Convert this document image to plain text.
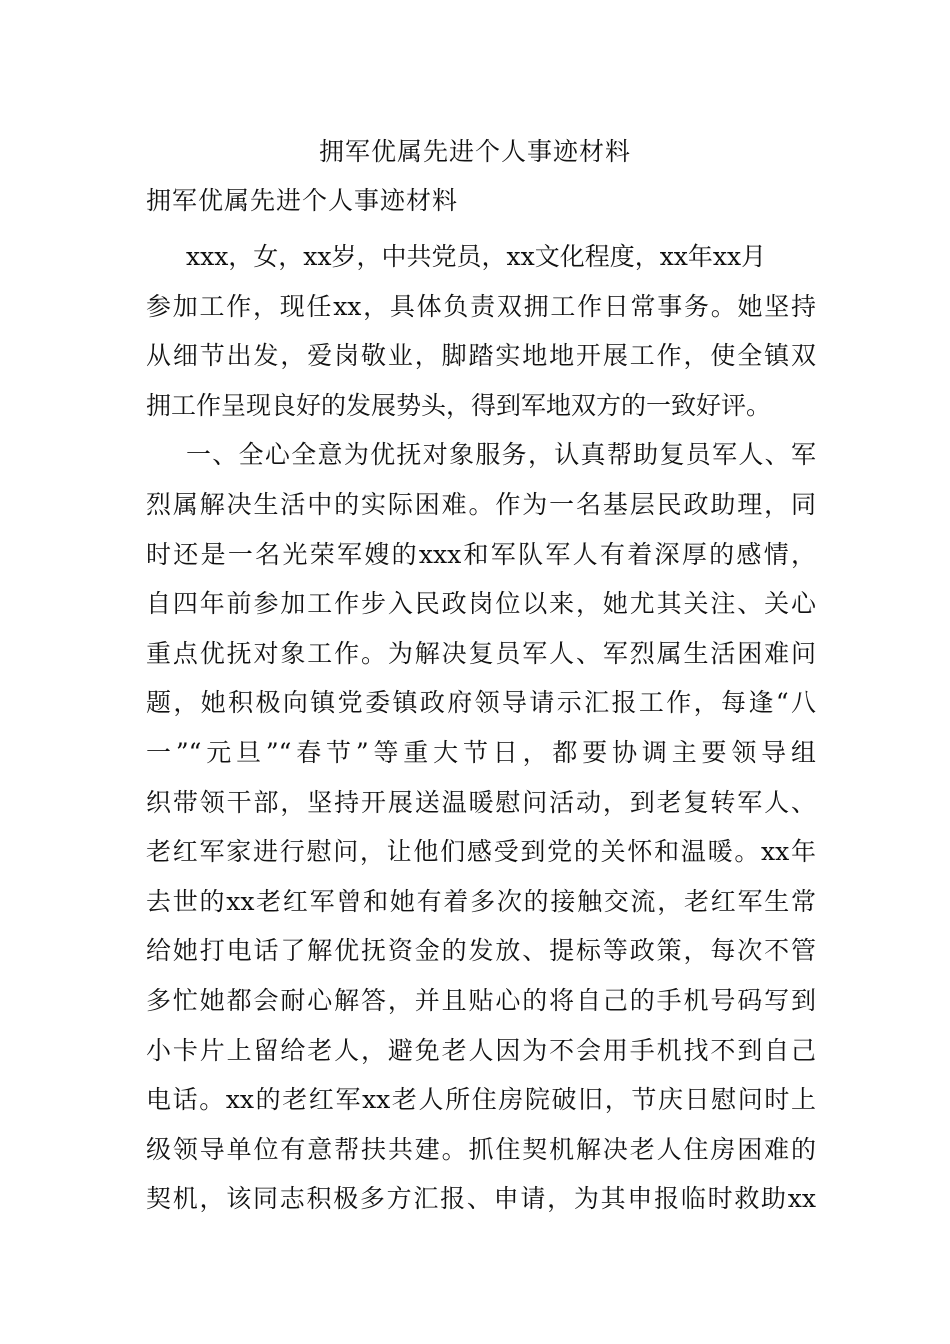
拥军优属先进个人事迹材料
拥军优属先进个人事迹材料
xxx，女，xx岁，中共党员，xx文化程度，xx年xx月
参加工作，现任xx，具体负责双拥工作日常事务。她坚持
从细节出发，爱岗敬业，脚踏实地地开展工作，使全镇双
拥工作呈现良好的发展势头，得到军地双方的一致好评。
一、全心全意为优抚对象服务，认真帮助复员军人、军
烈属解决生活中的实际困难。作为一名基层民政助理，同
时还是一名光荣军嫂的xxx和军队军人有着深厚的感情，
自四年前参加工作步入民政岗位以来，她尤其关注、关心
重点优抚对象工作。为解决复员军人、军烈属生活困难问
题，她积极向镇党委镇政府领导请示汇报工作，每逢“八
一”“元旦”“春节”等重大节日，都要协调主要领导组
织带领干部，坚持开展送温暖慰问活动，到老复转军人、
老红军家进行慰问，让他们感受到党的关怀和温暖。xx年
去世的xx老红军曾和她有着多次的接触交流，老红军生常
给她打电话了解优抚资金的发放、提标等政策，每次不管
多忙她都会耐心解答，并且贴心的将自己的手机号码写到
小卡片上留给老人，避免老人因为不会用手机找不到自己
电话。xx的老红军xx老人所住房院破旧，节庆日慰问时上
级领导单位有意帮扶共建。抓住契机解决老人住房困难的
契机，该同志积极多方汇报、申请，为其申报临时救助xx
